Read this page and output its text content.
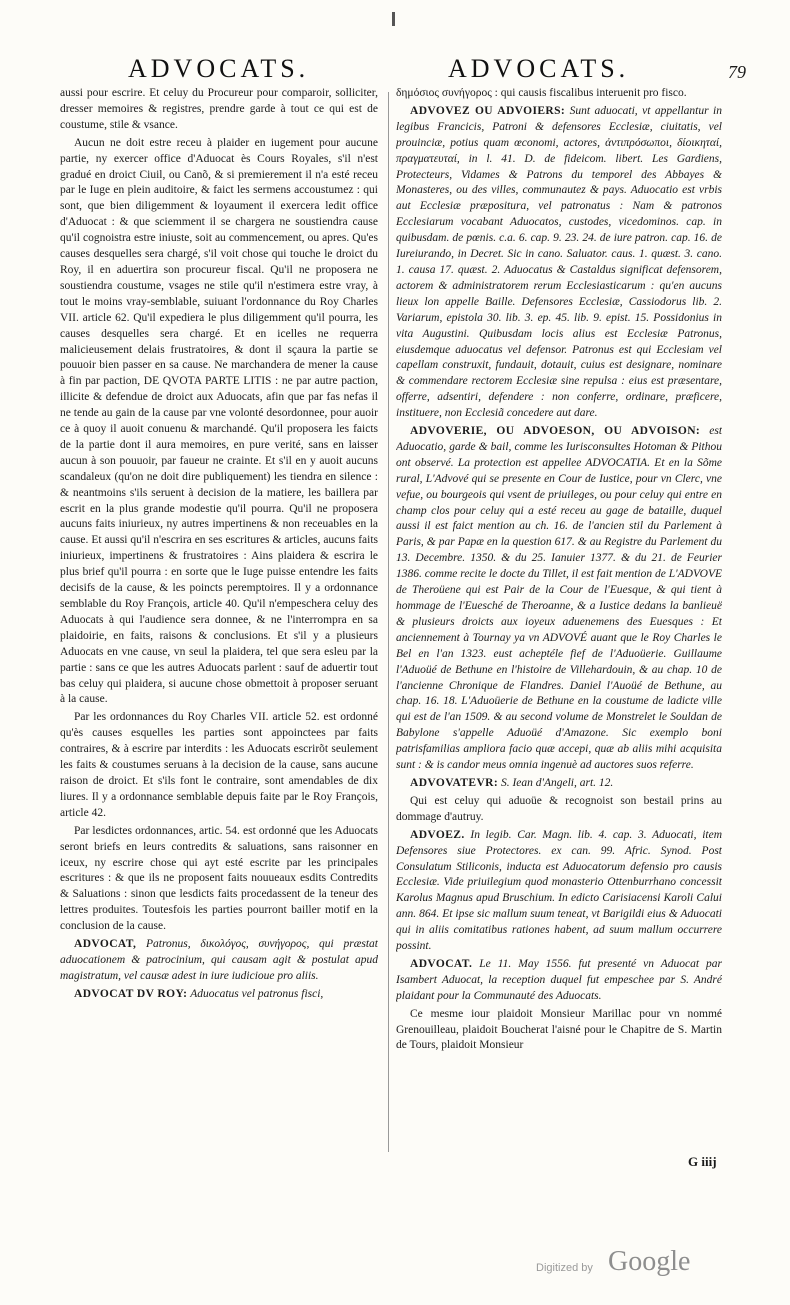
ADVOCATS.	ADVOCATS.	79

aussi pour escrire. Et celuy du Procureur pour comparoir, solliciter, dresser memoires & registres, prendre garde à tout ce qui est de coustume, stile & vsance.

Aucun ne doit estre receu à plaider en iugement pour aucune partie, ny exercer office d'Aduocat ès Cours Royales, s'il n'est gradué en droict Ciuil, ou Canõ, & si premierement il n'a esté receu par le Iuge en plein auditoire, & faict les sermens accoustumez : qui sont, que bien diligemment & loyaument il exercera ledit office d'Aduocat : & que sciemment il se chargera ne soustiendra cause qu'il cognoistra estre iniuste, soit au commencement, ou apres. Qu'es causes desquelles sera chargé, s'il voit chose qui touche le droict du Roy, il en aduertira son procureur fiscal. Qu'il ne proposera ne soustiendra coustume, vsages ne stile qu'il n'estimera estre vray, à tout le moins vray-semblable, suiuant l'ordonnance du Roy Charles VII. article 62. Qu'il expediera le plus diligemment qu'il pourra, les causes desquelles sera chargé. Et en icelles ne requerra malicieusement delais frustratoires, & dont il sçaura la partie se pouuoir bien passer en sa cause. Ne marchandera de mener la cause à fin par paction, DE QVOTA PARTE LITIS : ne par autre paction, illicite & defendue de droict aux Aduocats, afin que par fas nefas il ne tende au gain de la cause par vne volonté desordonnee, pour auoir ce à quoy il auoit conuenu & marchandé. Qu'il proposera les faicts de la partie dont il aura memoires, en pure verité, sans en laisser aucun à son pouuoir, par faueur ne crainte. Et s'il en y auoit aucuns scandaleux (qu'on ne doit dire publiquement) les tiendra en silence : & neantmoins s'ils seruent à decision de la matiere, les baillera par escrit en la plus grande modestie qu'il pourra. Qu'il ne proposera aucuns faits iniurieux, ny autres impertinens & non receuables en la cause. Et aussi qu'il n'escrira en ses escritures & articles, aucuns faits iniurieux, impertinens & frustratoires : Ains plaidera & escrira le plus brief qu'il pourra : en sorte que le Iuge puisse entendre les faits decisifs de la cause, & les poincts peremptoires. Il y a ordonnance semblable du Roy François, article 40. Qu'il n'empeschera celuy des Aduocats à qui l'audience sera donnee, & ne l'interrompra en sa plaidoirie, en faits, raisons & conclusions. Et s'il y a plusieurs Aduocats en vne cause, vn seul la plaidera, tel que sera esleu par la partie : sans ce que les autres Aduocats parlent : sauf de aduertir tout bas celuy qui plaidera, si aucune chose obmettoit à proposer seruant à la cause.

Par les ordonnances du Roy Charles VII. article 52. est ordonné qu'ès causes esquelles les parties sont appoinctees par faits contraires, & à escrire par interdits : les Aduocats escrirõt seulement les faits & coustumes seruans à la decision de la cause, sans aucune raison de droict. Et s'ils font le contraire, sont amendables de dix liures. Il y a ordonnance semblable depuis faite par le Roy François, article 42.

Par lesdictes ordonnances, artic. 54. est ordonné que les Aduocats seront briefs en leurs contredits & saluations, sans raisonner en iceux, ny escrire chose qui ayt esté escrite par les principales escritures : & que ils ne proposent faits nouueaux esdits Contredits & Saluations : sinon que lesdicts faits procedassent de la teneur des lettres produites. Toutesfois les parties pourront bailler motif en la conclusion de la cause.

ADVOCAT, Patronus, δικολόγος, συνήγορος, qui præstat aduocationem & patrocinium, qui causam agit & postulat apud magistratum, vel causæ adest in iure iudicioue pro aliis.

ADVOCAT DV ROY: Aduocatus vel patronus fisci,

δημόσιος συνήγορος : qui causis fiscalibus interuenit pro fisco.

ADVOVEZ OU ADVOIERS: Sunt aduocati, vt appellantur in legibus Francicis, Patroni & defensores Ecclesiæ, ciuitatis, vel prouinciæ, potius quam œconomi, actores, ἀντιπρόσωποι, δίοικηταί, πραγματευταί, in l. 41. D. de fideicom. libert. Les Gardiens, Protecteurs, Vidames & Patrons du temporel des Abbayes & Monasteres, ou des villes, communautez & pays. Aduocatio est vrbis aut Ecclesiæ præpositura, vel patronatus : Nam & patronos Ecclesiarum vocabant Aduocatos, custodes, vicedominos. cap. in quibusdam. de pœnis. c.a. 6. cap. 9. 23. 24. de iure patron. cap. 16. de Iureiurando, in Decret. Sic in cano. Saluator. caus. 1. quæst. 3. cano. 1. causa 17. quæst. 2. Aduocatus & Castaldus significat defensorem, actorem & administratorem rerum Ecclesiasticarum : qu'en aucuns lieux lon appelle Baille. Defensores Ecclesiæ, Cassiodorus lib. 2. Variarum, epistola 30. lib. 3. ep. 45. lib. 9. epist. 15. Possidonius in vita Augustini. Quibusdam locis alius est Ecclesiæ Patronus, eiusdemque aduocatus vel defensor. Patronus est qui Ecclesiam vel capellam construxit, fundauit, dotauit, cuius est designare, nominare & commendare rectorem Ecclesiæ sine repulsa : eius est præsentare, offerre, adsentiri, defendere : non conferre, ordinare, præficere, instituere, non Ecclesiã concedere aut dare.

ADVOVERIE, OU ADVOESON, OU ADVOISON: est Aduocatio, garde & bail, comme les Iurisconsultes Hotoman & Pithou ont observé. La protection est appellee ADVOCATIA. Et en la Sõme rural, L'Advové qui se presente en Cour de Iustice, pour vn Clerc, vne vefue, ou bourgeois qui vsent de priuileges, ou pour celuy qui entre en champ clos pour celuy qui a esté receu au gage de bataille, duquel aussi il est faict mention au ch. 16. de l'ancien stil du Parlement à Paris, & par Papæ en la question 617. & au Registre du Parlement du 13. Decembre. 1350. & du 25. Ianuier 1377. & du 21. de Feurier 1386. comme recite le docte du Tillet, il est fait mention de L'ADVOVE de Theroüene qui est Pair de la Cour de l'Euesque, & qui tient à hommage de l'Euesché de Theroanne, & a Iustice dedans la banlieuë & plusieurs droicts aux ioyeux aduenemens des Euesques : Et anciennement à Tournay ya vn ADVOVÉ auant que le Roy Charles le Bel en l'an 1323. eust acheptéle fief de l'Aduoüerie. Guillaume l'Aduoüé de Bethune en l'histoire de Villehardouin, & au chap. 10 de l'ancienne Chronique de Flandres. Daniel l'Auoüé de Bethune, au chap. 16. 18. L'Aduoüerie de Bethune en la coustume de ladicte ville qui est de l'an 1509. & au second volume de Monstrelet le Souldan de Babylone s'appelle Aduoüé d'Amazone. Sic exemplo boni patrisfamilias ampliora facio quæ accepi, quæ ab aliis mihi acquisita sunt : & is candor meus omnia ingenuè ad auctores suos referre.

ADVOVATEVR: S. Iean d'Angeli, art. 12.

Qui est celuy qui aduoüe & recognoist son bestail prins au dommage d'autruy.

ADVOEZ. In legib. Car. Magn. lib. 4. cap. 3. Aduocati, item Defensores siue Protectores. ex can. 99. Afric. Synod. Post Consulatum Stiliconis, inducta est Aduocatorum defensio pro causis Ecclesiæ. Vide priuilegium quod monasterio Ottenburrhano concessit Karolus Magnus apud Bruschium. In edicto Carisiacensi Karoli Calui ann. 864. Et ipse sic mallum suum teneat, vt Barigildi eius & Aduocati qui in aliis comitatibus rationes habent, ad suum mallum occurrere possint.

ADVOCAT. Le 11. May 1556. fut presenté vn Aduocat par Isambert Aduocat, la reception duquel fut empeschee par S. André plaidant pour la Communauté des Aduocats.

Ce mesme iour plaidoit Monsieur Marillac pour vn nommé Grenouilleau, plaidoit Boucherat l'aisné pour le Chapitre de S. Martin de Tours, plaidoit Monsieur

G iiij
Digitized by Google
